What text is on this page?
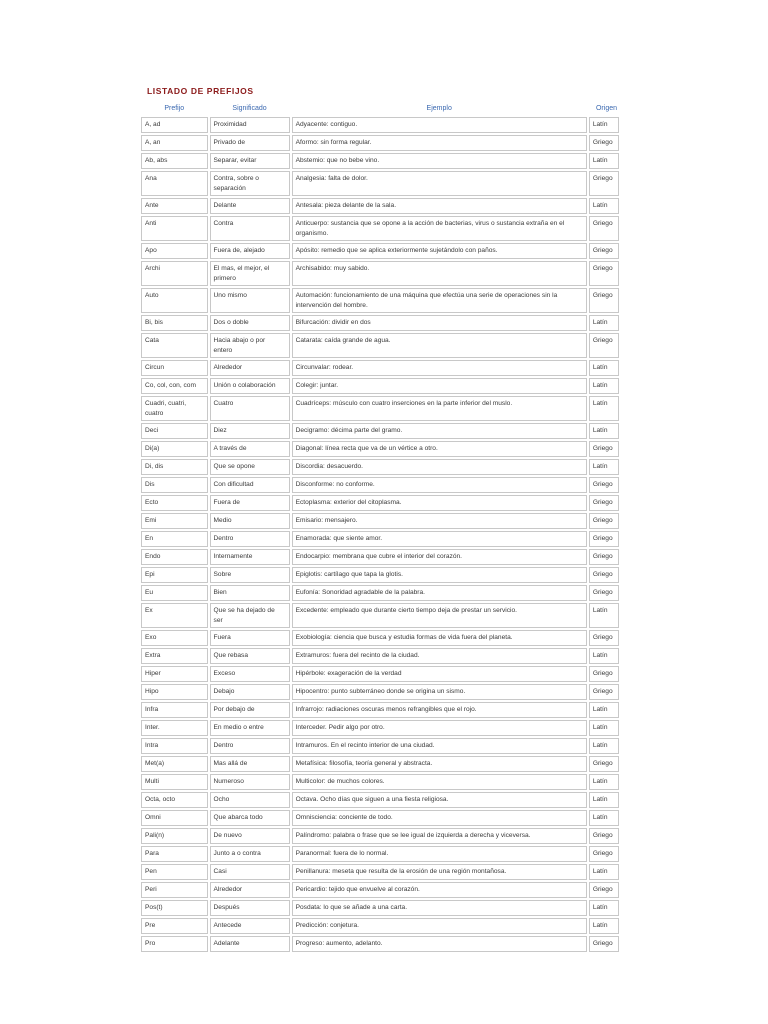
LISTADO DE PREFIJOS
Prefijo	Significado	Ejemplo	Origen
A, ad	Proximidad	Adyacente: contiguo.	Latín
A, an	Privado de	Aformo: sin forma regular.	Griego
Ab, abs	Separar, evitar	Abstemio: que no bebe vino.	Latín
Ana	Contra, sobre o separación	Analgesia: falta de dolor.	Griego
Ante	Delante	Antesala: pieza delante de la sala.	Latín
Anti	Contra	Anticuerpo: sustancia que se opone a la acción de bacterias, virus o sustancia extraña en el organismo.	Griego
Apo	Fuera de, alejado	Apósito: remedio que se aplica exteriormente sujetándolo con paños.	Griego
Archi	El mas, el mejor, el primero	Archisabido: muy sabido.	Griego
Auto	Uno mismo	Automación: funcionamiento de una máquina que efectúa una serie de operaciones sin la intervención del hombre.	Griego
Bi, bis	Dos o doble	Bifurcación: dividir en dos	Latín
Cata	Hacia abajo o por entero	Catarata: caída grande de agua.	Griego
Circun	Alrededor	Circunvalar: rodear.	Latín
Co, col, con, com	Unión o colaboración	Colegir: juntar.	Latín
Cuadri, cuatri, cuatro	Cuatro	Cuadríceps: músculo con cuatro inserciones en la parte inferior del muslo.	Latín
Deci	Diez	Decigramo: décima parte del gramo.	Latín
Di(a)	A través de	Diagonal: línea recta que va de un vértice a otro.	Griego
Di, dis	Que se opone	Discordia: desacuerdo.	Latín
Dis	Con dificultad	Disconforme: no conforme.	Griego
Ecto	Fuera de	Ectoplasma: exterior del citoplasma.	Griego
Emi	Medio	Emisario: mensajero.	Griego
En	Dentro	Enamorada: que siente amor.	Griego
Endo	Internamente	Endocarpio: membrana que cubre el interior del corazón.	Griego
Epi	Sobre	Epiglotis: cartílago que tapa la glotis.	Griego
Eu	Bien	Eufonía: Sonoridad agradable de la palabra.	Griego
Ex	Que se ha dejado de ser	Excedente: empleado que durante cierto tiempo deja de prestar un servicio.	Latín
Exo	Fuera	Exobiología: ciencia que busca y estudia formas de vida fuera del planeta.	Griego
Extra	Que rebasa	Extramuros: fuera del recinto de la ciudad.	Latín
Hiper	Exceso	Hipérbole: exageración de la verdad	Griego
Hipo	Debajo	Hipocentro: punto subterráneo donde se origina un sismo.	Griego
Infra	Por debajo de	Infrarrojo: radiaciones oscuras menos refrangibles que el rojo.	Latín
Inter.	En medio o entre	Interceder. Pedir algo por otro.	Latín
Intra	Dentro	Intramuros. En el recinto interior de una ciudad.	Latín
Met(a)	Mas allá de	Metafísica: filosofía, teoría general y abstracta.	Griego
Multi	Numeroso	Multicolor: de muchos colores.	Latín
Octa, octo	Ocho	Octava. Ocho días que siguen a una fiesta religiosa.	Latín
Omni	Que abarca todo	Omnisciencia: conciente de todo.	Latín
Pali(n)	De nuevo	Palíndromo: palabra o frase que se lee igual de izquierda a derecha y viceversa.	Griego
Para	Junto a o contra	Paranormal: fuera de lo normal.	Griego
Pen	Casi	Penillanura: meseta que resulta de la erosión de una región montañosa.	Latín
Peri	Alrededor	Pericardio: tejido que envuelve al corazón.	Griego
Pos(t)	Después	Posdata: lo que se añade a una carta.	Latín
Pre	Antecede	Predicción: conjetura.	Latín
Pro	Adelante	Progreso: aumento, adelanto.	Griego
